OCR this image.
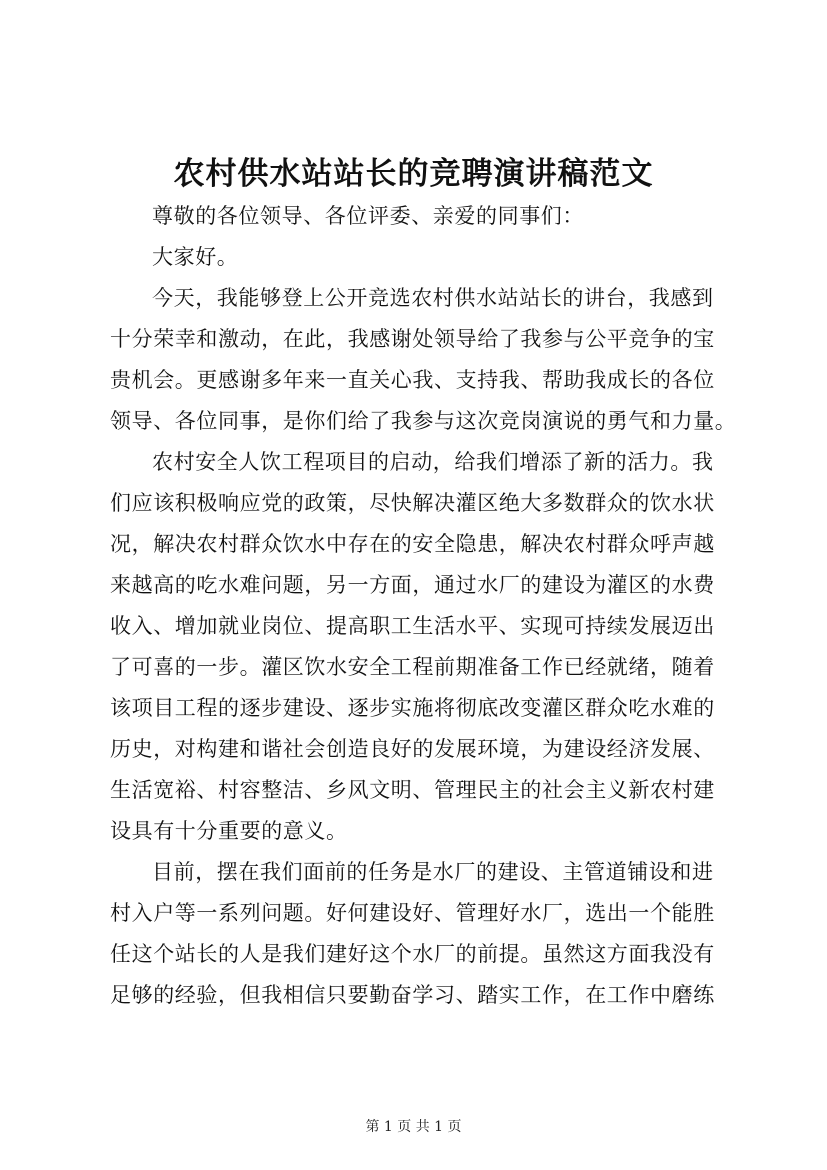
农村供水站站长的竞聘演讲稿范文
尊敬的各位领导、各位评委、亲爱的同事们：
大家好。
今天，我能够登上公开竞选农村供水站站长的讲台，我感到
十分荣幸和激动，在此，我感谢处领导给了我参与公平竞争的宝
贵机会。更感谢多年来一直关心我、支持我、帮助我成长的各位
领导、各位同事，是你们给了我参与这次竞岗演说的勇气和力量。
农村安全人饮工程项目的启动，给我们增添了新的活力。我
们应该积极响应党的政策，尽快解决灌区绝大多数群众的饮水状
况，解决农村群众饮水中存在的安全隐患，解决农村群众呼声越
来越高的吃水难问题，另一方面，通过水厂的建设为灌区的水费
收入、增加就业岗位、提高职工生活水平、实现可持续发展迈出
了可喜的一步。灌区饮水安全工程前期准备工作已经就绪，随着
该项目工程的逐步建设、逐步实施将彻底改变灌区群众吃水难的
历史，对构建和谐社会创造良好的发展环境，为建设经济发展、
生活宽裕、村容整洁、乡风文明、管理民主的社会主义新农村建
设具有十分重要的意义。
目前，摆在我们面前的任务是水厂的建设、主管道铺设和进
村入户等一系列问题。好何建设好、管理好水厂，选出一个能胜
任这个站长的人是我们建好这个水厂的前提。虽然这方面我没有
足够的经验，但我相信只要勤奋学习、踏实工作，在工作中磨练
第 1 页 共 1 页
